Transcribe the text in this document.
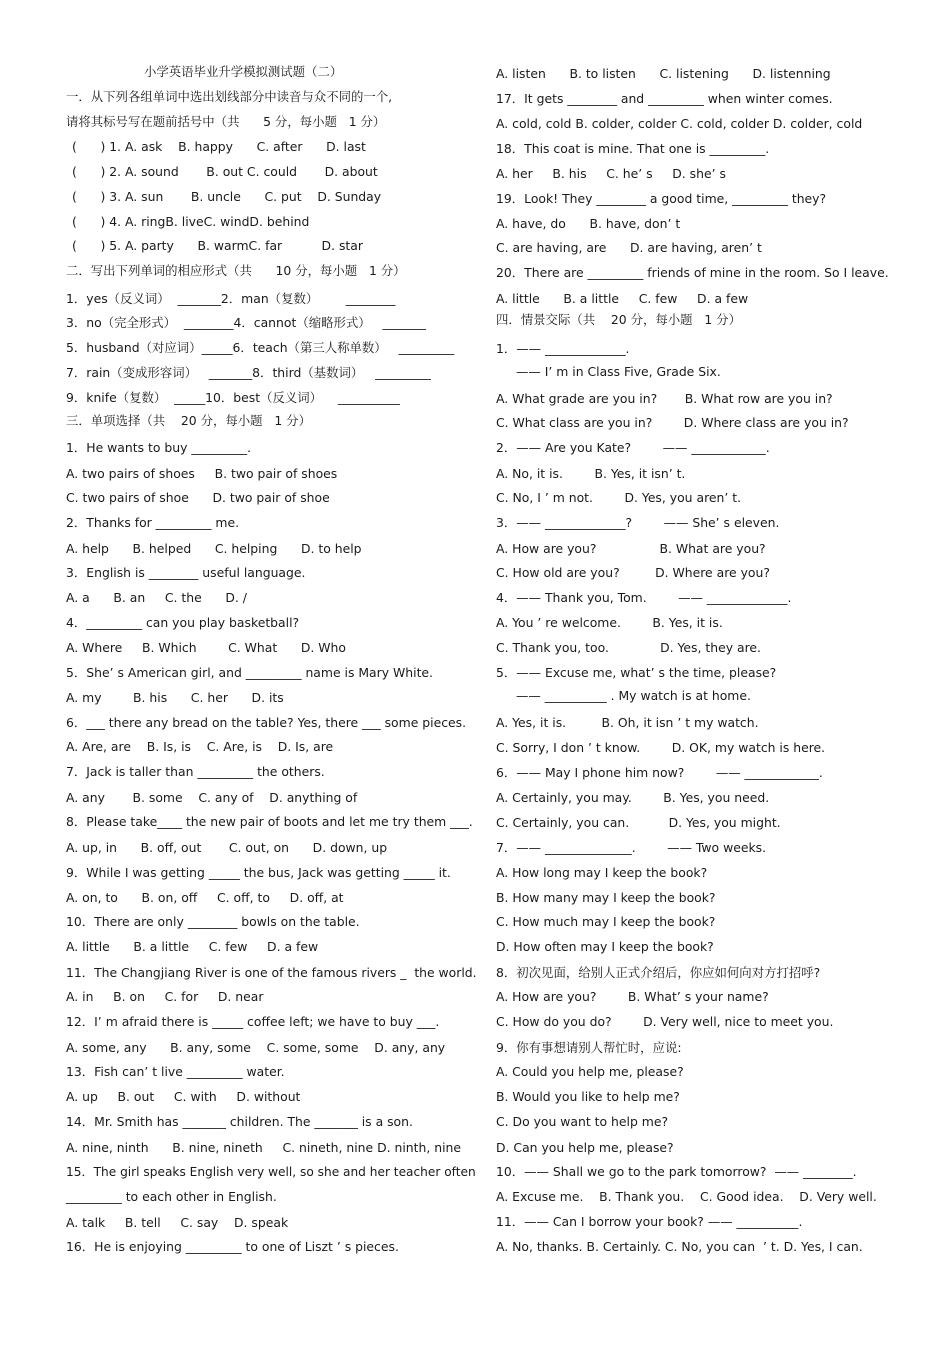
小学英语毕业升学模拟测试题（二）
一．从下列各组单词中选出划线部分中读音与众不同的一个,
请将其标号写在题前括号中（共      5 分，每小题   1 分）
(      ) 1. A. ask    B. happy      C. after      D. last
(      ) 2. A. sound       B. out C. could       D. about
(      ) 3. A. sun       B. uncle      C. put    D. Sunday
(      ) 4. A. ringB. liveC. windD. behind
(      ) 5. A. party      B. warmC. far          D. star
二．写出下列单词的相应形式（共      10 分，每小题   1 分）
1．yes（反义词）  _______2．man（复数）       ________
3．no（完全形式）  ________4．cannot（缩略形式）   _______
5．husband（对应词）_____6．teach（第三人称单数）   _________
7．rain（变成形容词）   _______8．third（基数词）   _________
9．knife（复数）  _____10．best（反义词）    __________
三．单项选择（共    20 分，每小题   1 分）
1．He wants to buy _________.
A. two pairs of shoes     B. two pair of shoes
C. two pairs of shoe      D. two pair of shoe
2．Thanks for _________ me.
A. help      B. helped      C. helping      D. to help
3．English is ________ useful language.
A. a      B. an     C. the      D. /
4．_________ can you play basketball?
A. Where     B. Which        C. What      D. Who
5．She’ s American girl, and _________ name is Mary White.
A. my        B. his      C. her      D. its
6．___ there any bread on the table? Yes, there ___ some pieces.
A. Are, are    B. Is, is    C. Are, is    D. Is, are
7．Jack is taller than _________ the others.
A. any       B. some    C. any of    D. anything of
8．Please take____ the new pair of boots and let me try them ___.
A. up, in      B. off, out       C. out, on      D. down, up
9．While I was getting _____ the bus, Jack was getting _____ it.
A. on, to      B. on, off     C. off, to     D. off, at
10．There are only ________ bowls on the table.
A. little      B. a little     C. few     D. a few
11．The Changjiang River is one of the famous rivers _  the world.
A. in     B. on     C. for     D. near
12．I’ m afraid there is _____ coffee left; we have to buy ___.
A. some, any      B. any, some    C. some, some    D. any, any
13．Fish can’ t live _________ water.
A. up     B. out     C. with     D. without
14．Mr. Smith has _______ children. The _______ is a son.
A. nine, ninth      B. nine, nineth     C. nineth, nine D. ninth, nine
15．The girl speaks English very well, so she and her teacher often
_________ to each other in English.
A. talk     B. tell     C. say    D. speak
16．He is enjoying _________ to one of Liszt ’ s pieces.
A. listen      B. to listen      C. listening      D. listenning
17．It gets ________ and _________ when winter comes.
A. cold, cold B. colder, colder C. cold, colder D. colder, cold
18．This coat is mine. That one is _________.
A. her     B. his     C. he’ s     D. she’ s
19．Look! They ________ a good time, _________ they?
A. have, do      B. have, don’ t
C. are having, are      D. are having, aren’ t
20．There are _________ friends of mine in the room. So I leave.
A. little      B. a little     C. few     D. a few
四．情景交际（共    20 分，每小题   1 分）
1．—— _____________.
—— I’ m in Class Five, Grade Six.
A. What grade are you in?       B. What row are you in?
C. What class are you in?        D. Where class are you in?
2．—— Are you Kate?        —— ____________.
A. No, it is.        B. Yes, it isn’ t.
C. No, I ’ m not.        D. Yes, you aren’ t.
3．—— _____________?        —— She’ s eleven.
A. How are you?                B. What are you?
C. How old are you?         D. Where are you?
4．—— Thank you, Tom.        —— _____________.
A. You ’ re welcome.        B. Yes, it is.
C. Thank you, too.             D. Yes, they are.
5．—— Excuse me, what’ s the time, please?
—— __________ . My watch is at home.
A. Yes, it is.         B. Oh, it isn ’ t my watch.
C. Sorry, I don ’ t know.        D. OK, my watch is here.
6．—— May I phone him now?        —— ____________.
A. Certainly, you may.        B. Yes, you need.
C. Certainly, you can.          D. Yes, you might.
7．—— ______________.        —— Two weeks.
A. How long may I keep the book?
B. How many may I keep the book?
C. How much may I keep the book?
D. How often may I keep the book?
8．初次见面，给别人正式介绍后，你应如何向对方打招呼?
A. How are you?        B. What’ s your name?
C. How do you do?        D. Very well, nice to meet you.
9．你有事想请别人帮忙时，应说:
A. Could you help me, please?
B. Would you like to help me?
C. Do you want to help me?
D. Can you help me, please?
10．—— Shall we go to the park tomorrow?  —— ________.
A. Excuse me.    B. Thank you.    C. Good idea.    D. Very well.
11．—— Can I borrow your book? —— __________.
A. No, thanks. B. Certainly. C. No, you can  ’ t. D. Yes, I can.
